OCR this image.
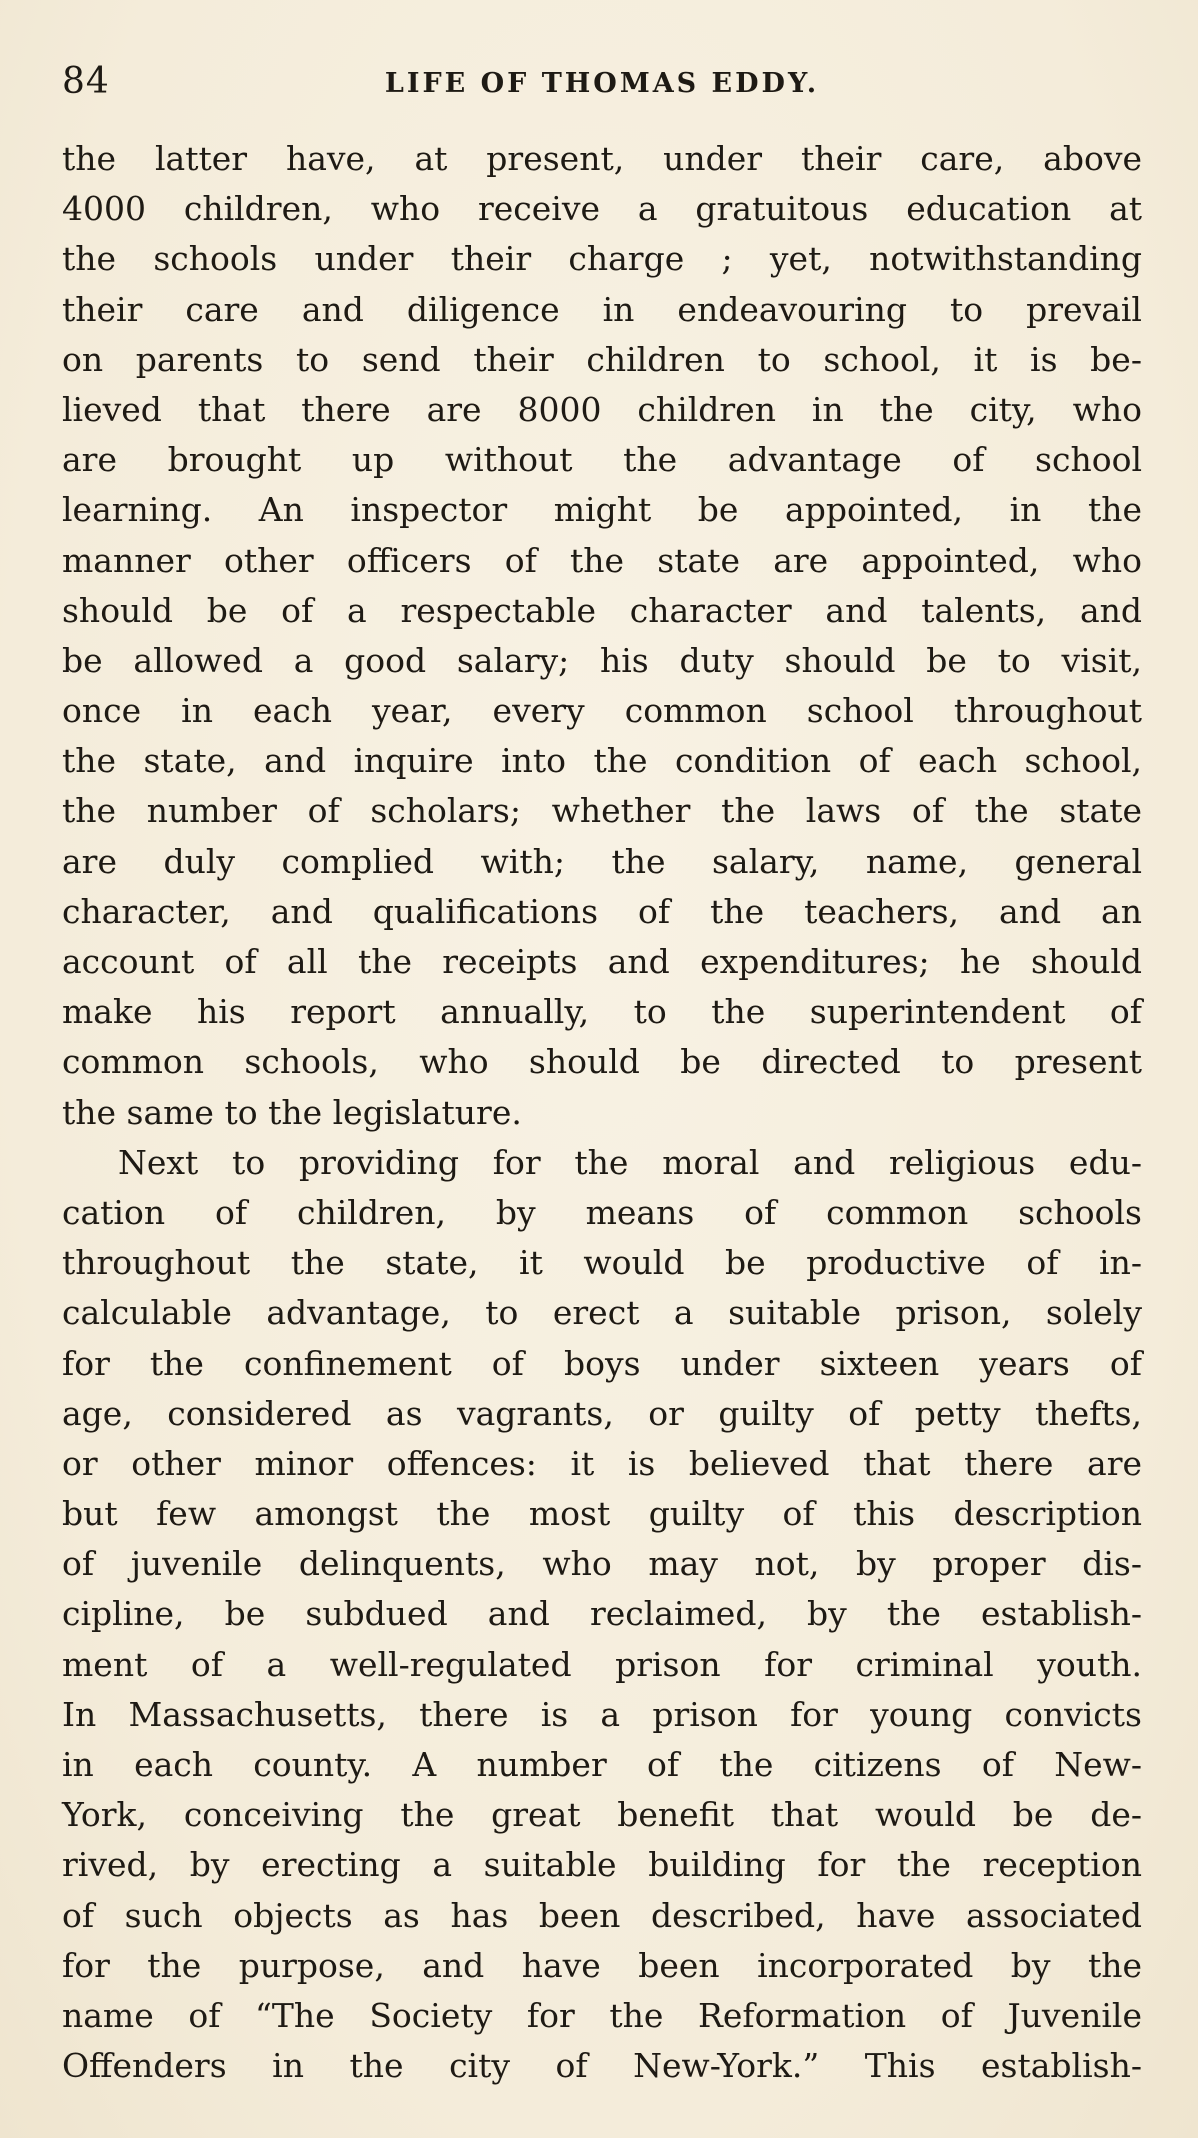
84	LIFE OF THOMAS EDDY.
the latter have, at present, under their care, above
4000 children, who receive a gratuitous education at
the schools under their charge ; yet, notwithstanding
their care and diligence in endeavouring to prevail
on parents to send their children to school, it is be-
lieved that there are 8000 children in the city, who
are brought up without the advantage of school
learning. An inspector might be appointed, in the
manner other officers of the state are appointed, who
should be of a respectable character and talents, and
be allowed a good salary; his duty should be to visit,
once in each year, every common school throughout
the state, and inquire into the condition of each school,
the number of scholars; whether the laws of the state
are duly complied with; the salary, name, general
character, and qualifications of the teachers, and an
account of all the receipts and expenditures; he should
make his report annually, to the superintendent of
common schools, who should be directed to present
the same to the legislature.
Next to providing for the moral and religious edu-
cation of children, by means of common schools
throughout the state, it would be productive of in-
calculable advantage, to erect a suitable prison, solely
for the confinement of boys under sixteen years of
age, considered as vagrants, or guilty of petty thefts,
or other minor offences: it is believed that there are
but few amongst the most guilty of this description
of juvenile delinquents, who may not, by proper dis-
cipline, be subdued and reclaimed, by the establish-
ment of a well-regulated prison for criminal youth.
In Massachusetts, there is a prison for young convicts
in each county. A number of the citizens of New-
York, conceiving the great benefit that would be de-
rived, by erecting a suitable building for the reception
of such objects as has been described, have associated
for the purpose, and have been incorporated by the
name of “The Society for the Reformation of Juvenile
Offenders in the city of New-York.” This establish-
